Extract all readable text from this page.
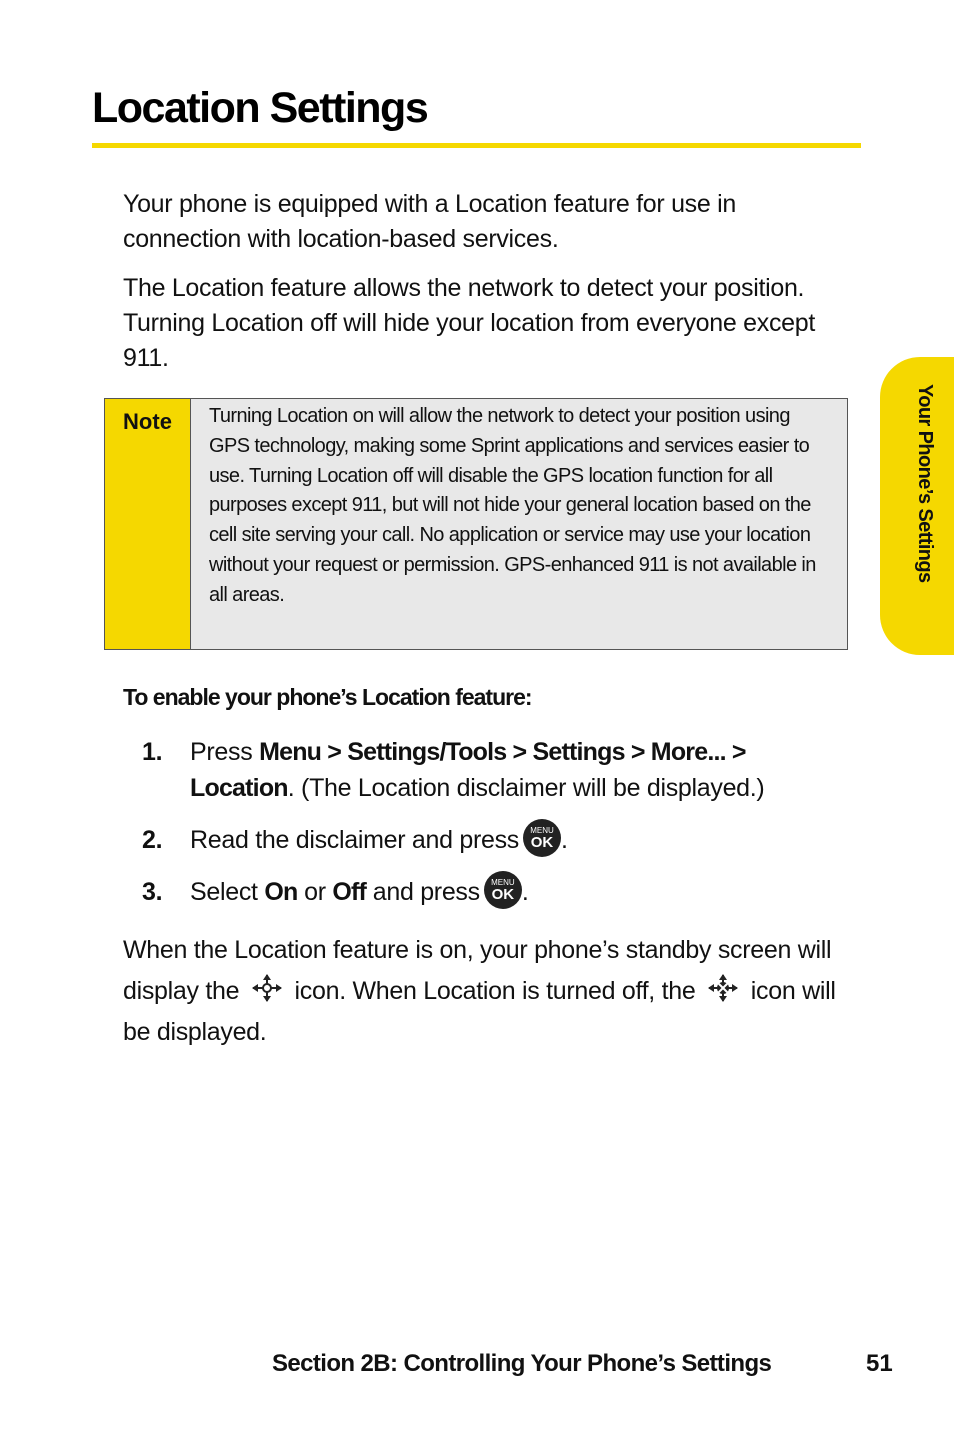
Location Settings

Your phone is equipped with a Location feature for use in connection with location-based services.

The Location feature allows the network to detect your position. Turning Location off will hide your location from everyone except 911.

Note	Turning Location on will allow the network to detect your position using GPS technology, making some Sprint applications and services easier to use. Turning Location off will disable the GPS location function for all purposes except 911, but will not hide your general location based on the cell site serving your call. No application or service may use your location without your request or permission. GPS-enhanced 911 is not available in all areas.

To enable your phone’s Location feature:

1. Press Menu > Settings/Tools > Settings > More... > Location. (The Location disclaimer will be displayed.)
2. Read the disclaimer and press	MENU
OK .
3. Select On or Off and press	MENU
OK .

When the Location feature is on, your phone’s standby screen will display the icon. When Location is turned off, the icon will be displayed.

Your Phone’s Settings
Section 2B: Controlling Your Phone’s Settings	51
